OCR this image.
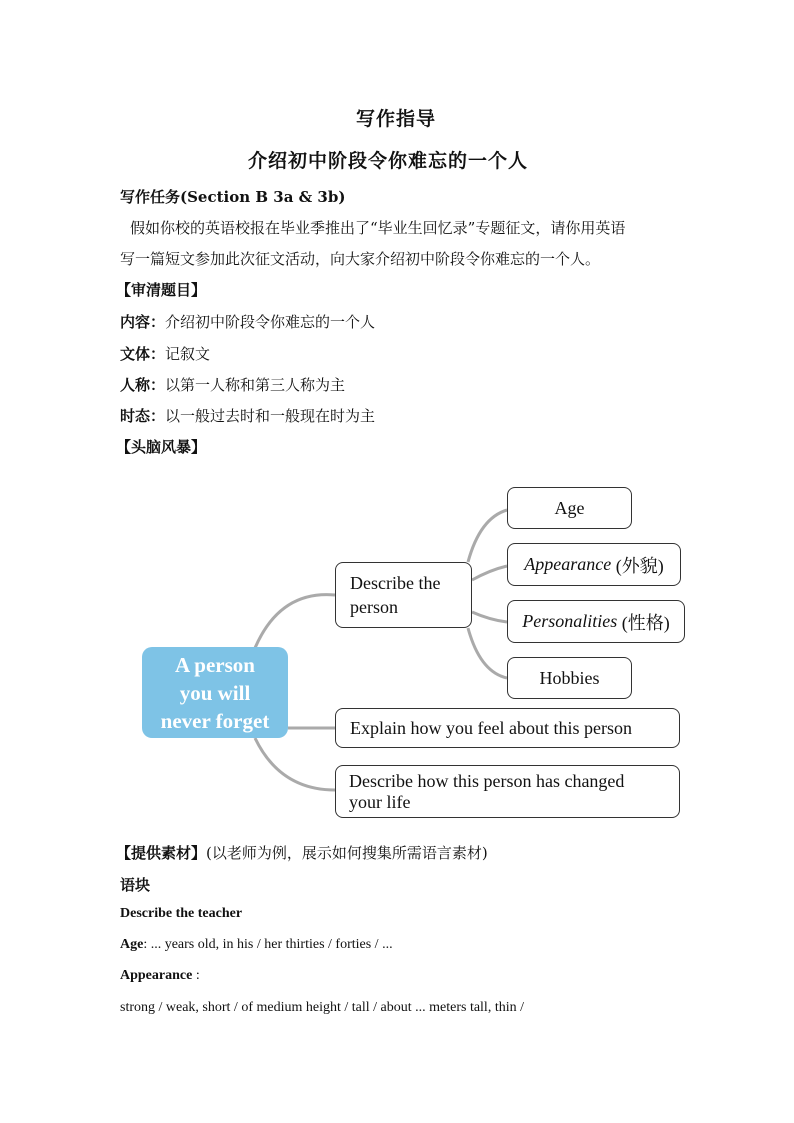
写作指导
介绍初中阶段令你难忘的一个人
写作任务(Section B 3a & 3b)
假如你校的英语校报在毕业季推出了“毕业生回忆录”专题征文，请你用英语
写一篇短文参加此次征文活动，向大家介绍初中阶段令你难忘的一个人。
【审清题目】
内容：介绍初中阶段令你难忘的一个人
文体：记叙文
人称：以第一人称和第三人称为主
时态：以一般过去时和一般现在时为主
【头脑风暴】
A person
you will
never forget
Describe the
person
Age
Appearance
(外貌)
Personalities
(性格)
Hobbies
Explain how you feel about this person
Describe how this person has changed
your life
【提供素材】(以老师为例，展示如何搜集所需语言素材)
语块
Describe the teacher
Age: ... years old, in his / her thirties / forties / ...
Appearance :
strong / weak, short / of medium height / tall / about ... meters tall, thin /
